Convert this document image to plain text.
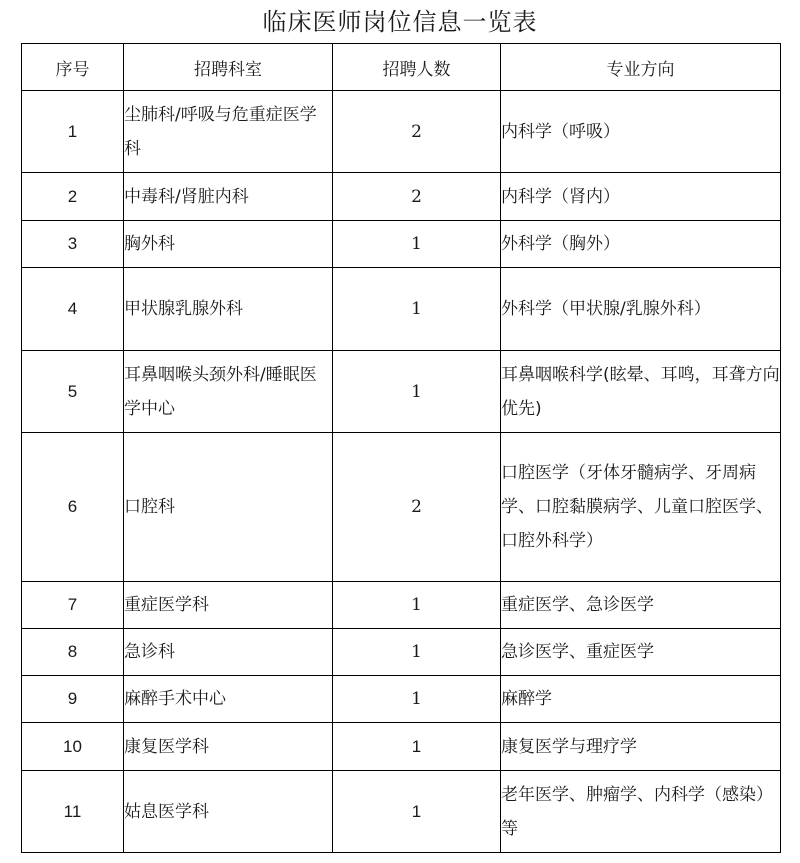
临床医师岗位信息一览表
序号	招聘科室	招聘人数	专业方向
1	尘肺科/呼吸与危重症医学科	2	内科学（呼吸）
2	中毒科/肾脏内科	2	内科学（肾内）
3	胸外科	1	外科学（胸外）
4	甲状腺乳腺外科	1	外科学（甲状腺/乳腺外科）
5	耳鼻咽喉头颈外科/睡眠医学中心	1	耳鼻咽喉科学(眩晕、耳鸣，耳聋方向优先)
6	口腔科	2	口腔医学（牙体牙髓病学、牙周病学、口腔黏膜病学、儿童口腔医学、口腔外科学）
7	重症医学科	1	重症医学、急诊医学
8	急诊科	1	急诊医学、重症医学
9	麻醉手术中心	1	麻醉学
10	康复医学科	1	康复医学与理疗学
11	姑息医学科	1	老年医学、肿瘤学、内科学（感染）等
